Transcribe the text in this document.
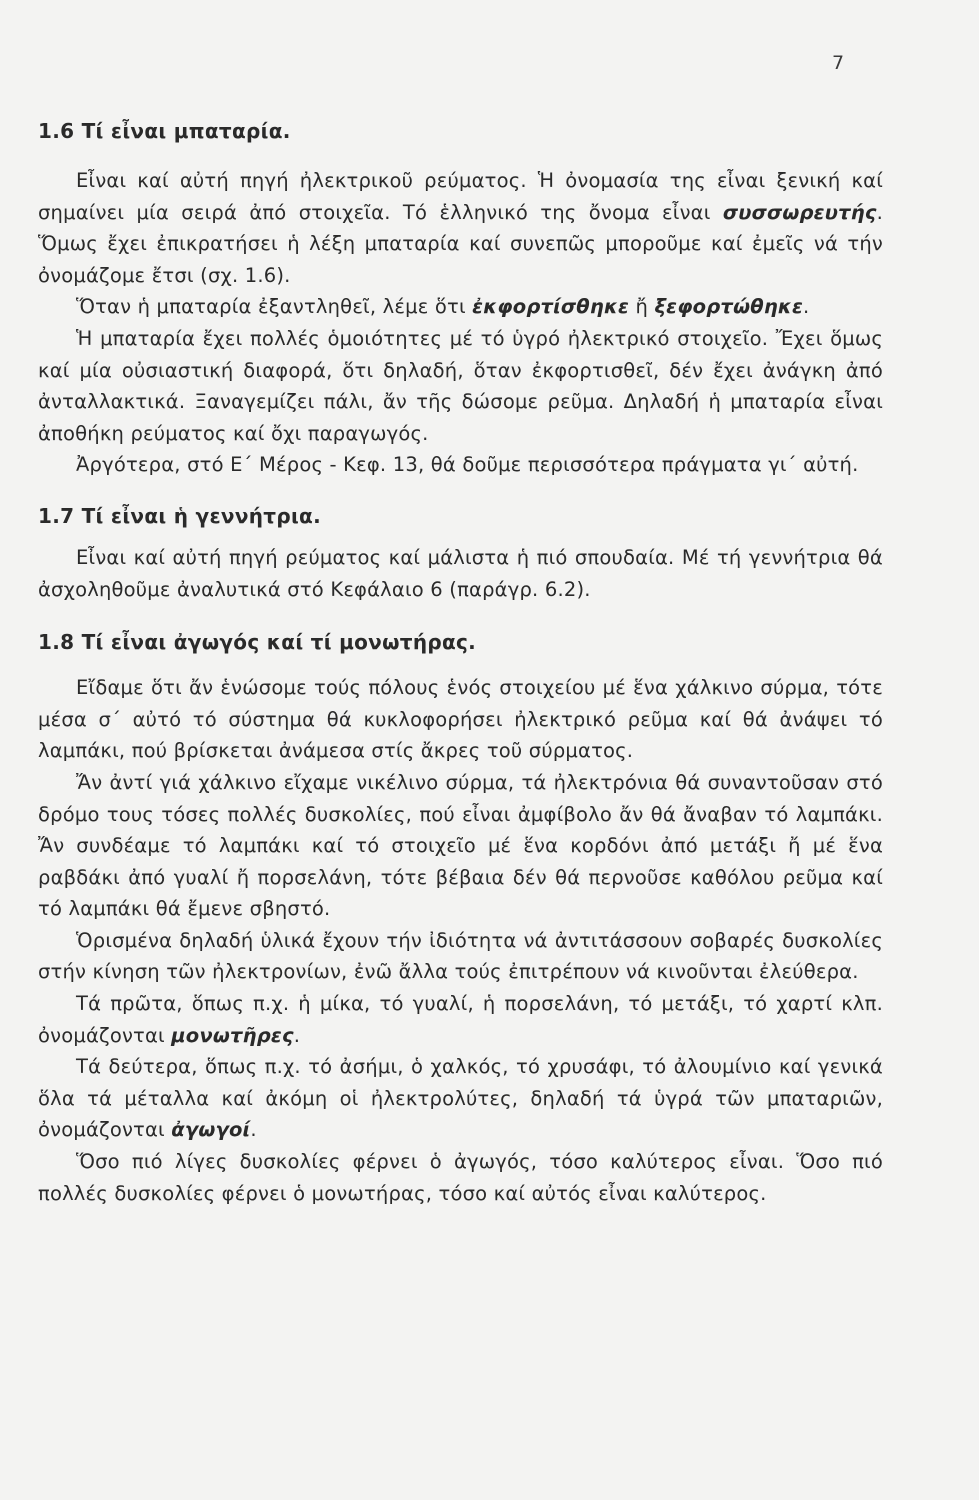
7
1.6 Τί εἶναι μπαταρία.

Εἶναι καί αὐτή πηγή ἠλεκτρικοῦ ρεύματος. Ἡ ὀνομασία της εἶναι ξενική καί σημαίνει μία σειρά ἀπό στοιχεῖα. Τό ἑλληνικό της ὄνομα εἶναι συσσωρευτής. Ὅμως ἔχει ἐπικρατήσει ἡ λέξη μπαταρία καί συνεπῶς μποροῦμε καί ἐμεῖς νά τήν ὀνομάζομε ἔτσι (σχ. 1.6).

Ὅταν ἡ μπαταρία ἐξαντληθεῖ, λέμε ὅτι ἐκφορτίσθηκε ἤ ξεφορτώθηκε.

Ἡ μπαταρία ἔχει πολλές ὁμοιότητες μέ τό ὑγρό ἠλεκτρικό στοιχεῖο. Ἔχει ὅμως καί μία οὐσιαστική διαφορά, ὅτι δηλαδή, ὅταν ἐκφορτισθεῖ, δέν ἔχει ἀνάγκη ἀπό ἀνταλλακτικά. Ξαναγεμίζει πάλι, ἄν τῆς δώσομε ρεῦμα. Δηλαδή ἡ μπαταρία εἶναι ἀποθήκη ρεύματος καί ὄχι παραγωγός.

Ἀργότερα, στό Ε΄ Μέρος - Κεφ. 13, θά δοῦμε περισσότερα πράγματα γι΄ αὐτή.

1.7 Τί εἶναι ἡ γεννήτρια.

Εἶναι καί αὐτή πηγή ρεύματος καί μάλιστα ἡ πιό σπουδαία. Μέ τή γεννήτρια θά ἀσχοληθοῦμε ἀναλυτικά στό Κεφάλαιο 6 (παράγρ. 6.2).

1.8 Τί εἶναι ἀγωγός καί τί μονωτήρας.

Εἴδαμε ὅτι ἄν ἑνώσομε τούς πόλους ἑνός στοιχείου μέ ἕνα χάλκινο σύρμα, τότε μέσα σ΄ αὐτό τό σύστημα θά κυκλοφορήσει ἠλεκτρικό ρεῦμα καί θά ἀνάψει τό λαμπάκι, πού βρίσκεται ἀνάμεσα στίς ἄκρες τοῦ σύρματος.

Ἄν ἀντί γιά χάλκινο εἴχαμε νικέλινο σύρμα, τά ἠλεκτρόνια θά συναντοῦσαν στό δρόμο τους τόσες πολλές δυσκολίες, πού εἶναι ἀμφίβολο ἄν θά ἄναβαν τό λαμπάκι. Ἄν συνδέαμε τό λαμπάκι καί τό στοιχεῖο μέ ἕνα κορδόνι ἀπό μετάξι ἤ μέ ἕνα ραβδάκι ἀπό γυαλί ἤ πορσελάνη, τότε βέβαια δέν θά περνοῦσε καθόλου ρεῦμα καί τό λαμπάκι θά ἔμενε σβηστό.

Ὁρισμένα δηλαδή ὑλικά ἔχουν τήν ἰδιότητα νά ἀντιτάσσουν σοβαρές δυσκολίες στήν κίνηση τῶν ἠλεκτρονίων, ἐνῶ ἄλλα τούς ἐπιτρέπουν νά κινοῦνται ἐλεύθερα.

Τά πρῶτα, ὅπως π.χ. ἡ μίκα, τό γυαλί, ἡ πορσελάνη, τό μετάξι, τό χαρτί κλπ. ὀνομάζονται μονωτῆρες.

Τά δεύτερα, ὅπως π.χ. τό ἀσήμι, ὁ χαλκός, τό χρυσάφι, τό ἀλουμίνιο καί γενικά ὅλα τά μέταλλα καί ἀκόμη οἱ ἠλεκτρολύτες, δηλαδή τά ὑγρά τῶν μπαταριῶν, ὀνομάζονται ἀγωγοί.

Ὅσο πιό λίγες δυσκολίες φέρνει ὁ ἀγωγός, τόσο καλύτερος εἶναι. Ὅσο πιό πολλές δυσκολίες φέρνει ὁ μονωτήρας, τόσο καί αὐτός εἶναι καλύτερος.
